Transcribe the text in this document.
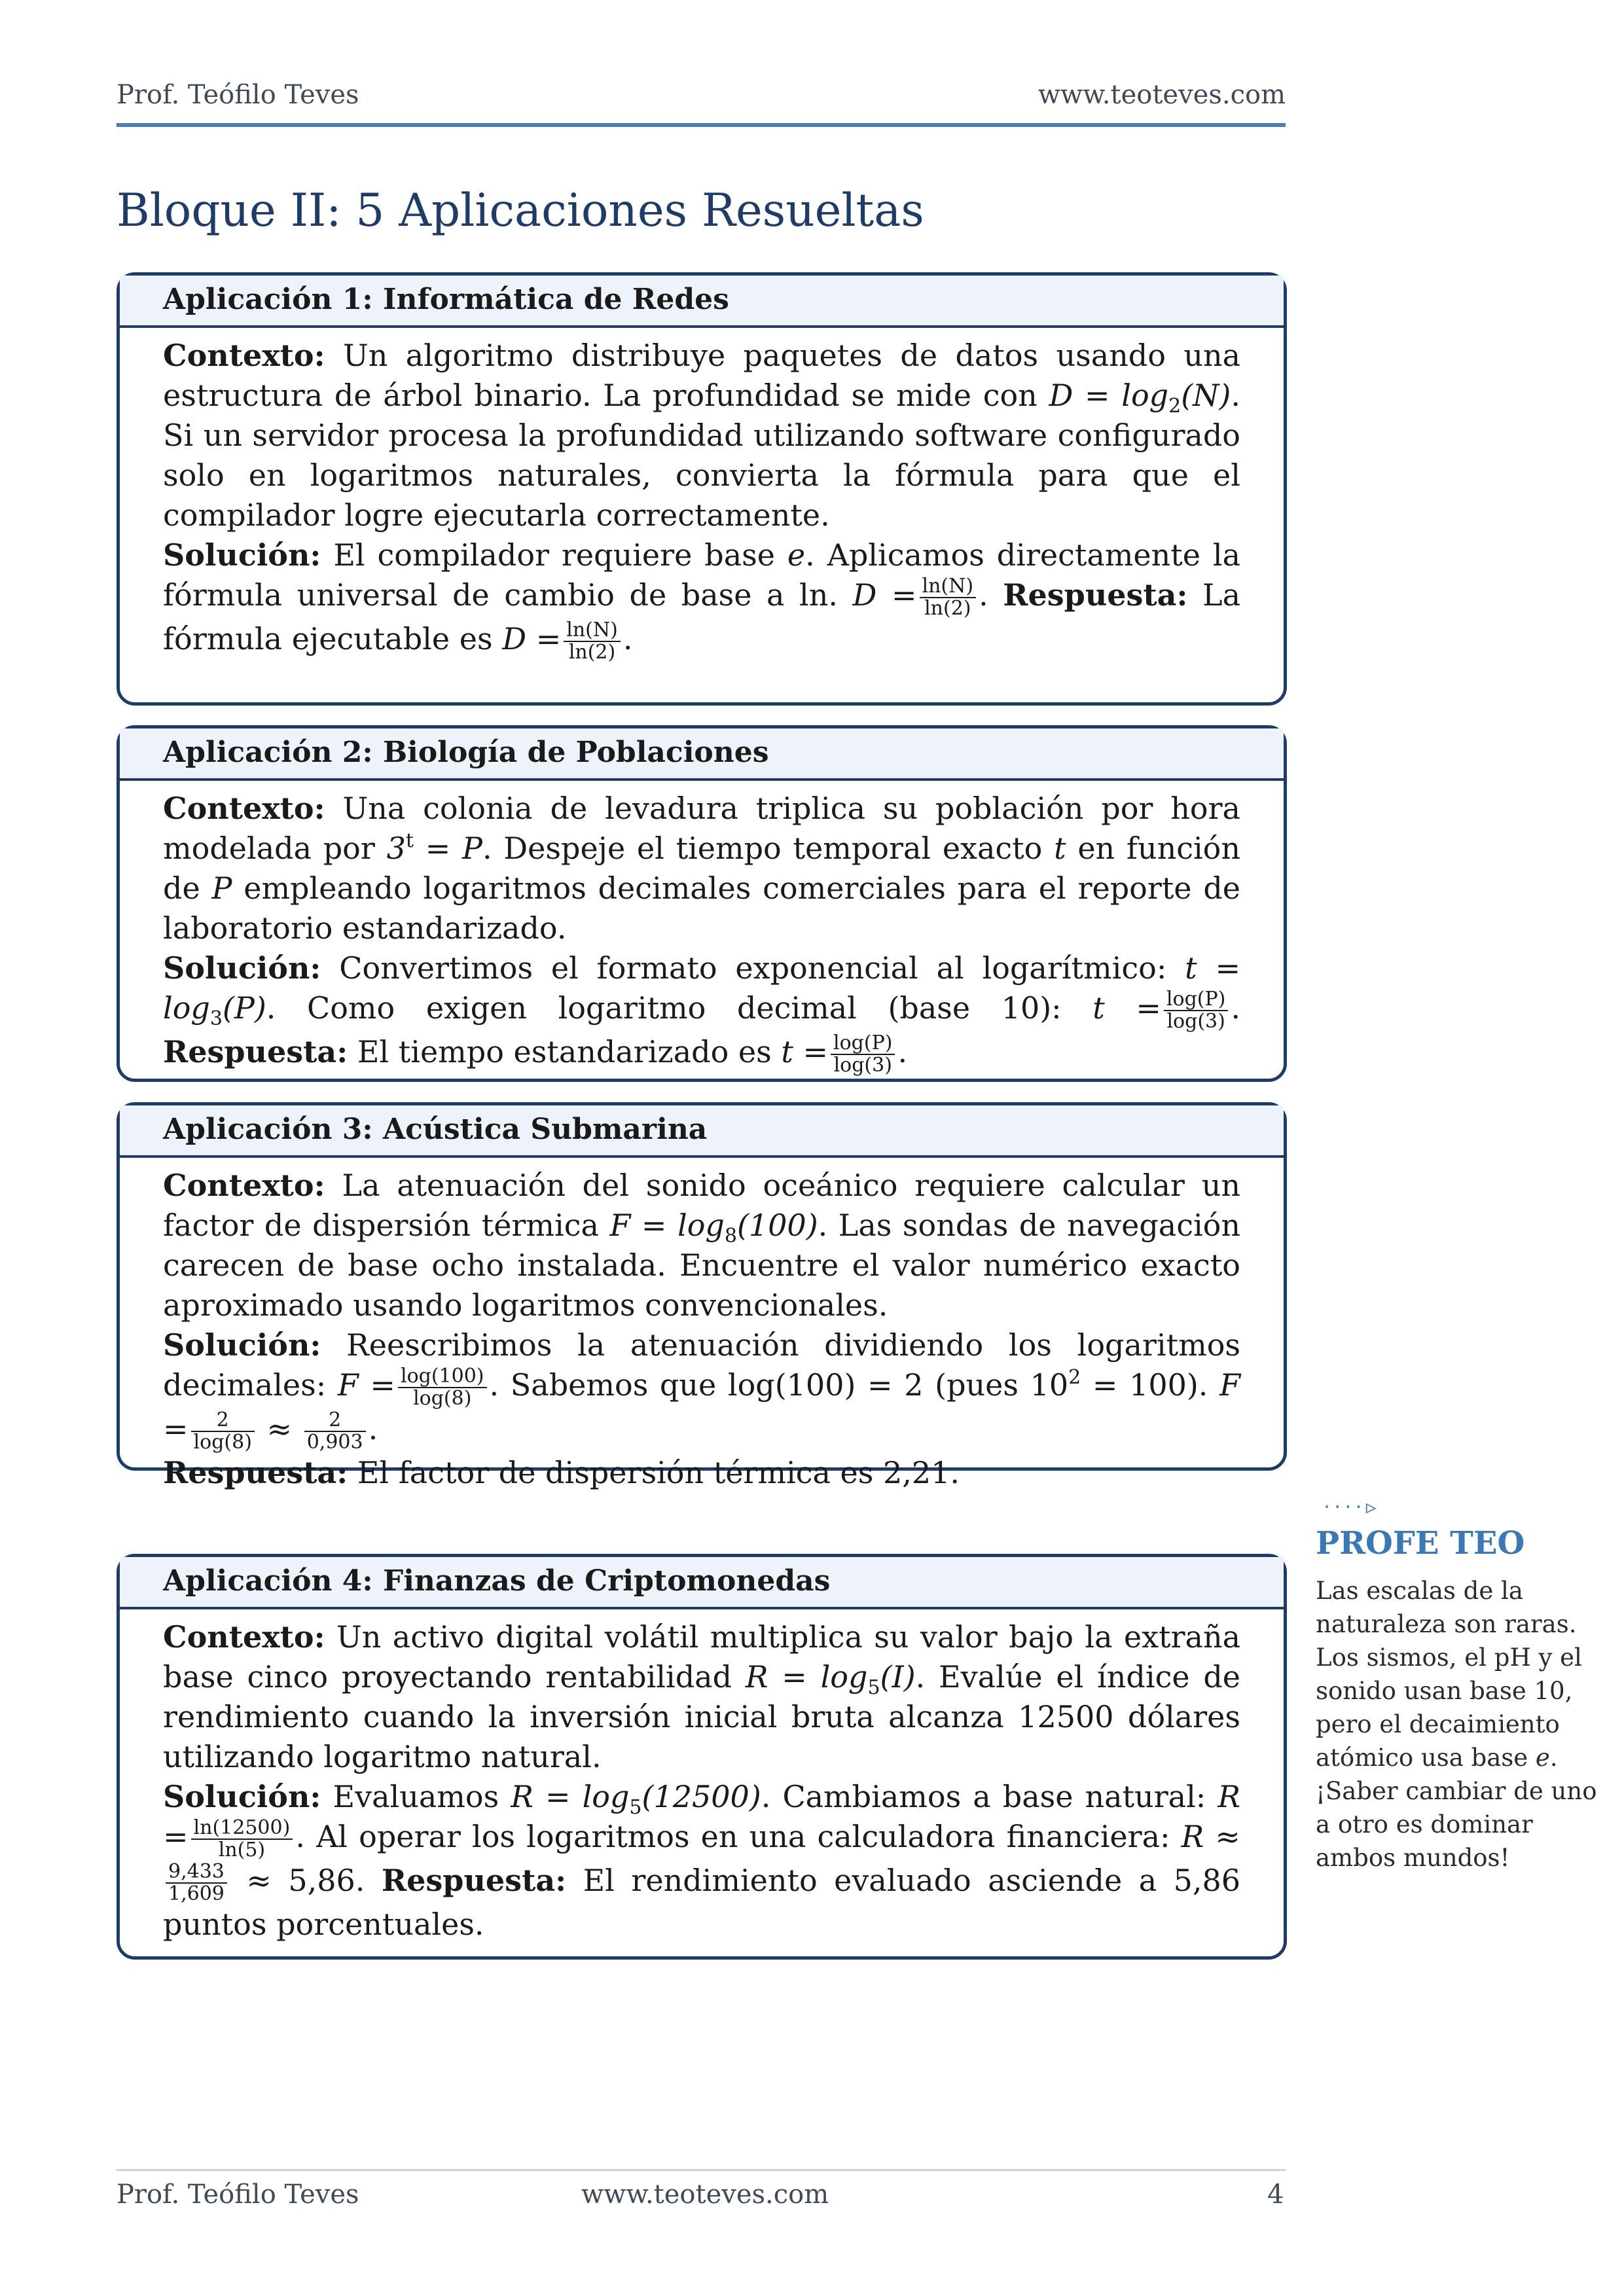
Prof. Teófilo Teves	www.teoteves.com
Bloque II: 5 Aplicaciones Resueltas
Aplicación 1: Informática de Redes

Contexto: Un algoritmo distribuye paquetes de datos usando una estructura de árbol binario. La profundidad se mide con $D = \log_2(N)$. Si un servidor procesa la profundidad utilizando software configurado solo en logaritmos naturales, convierta la fórmula para que el compilador logre ejecutarla correctamente.
Solución: El compilador requiere base e. Aplicamos directamente la fórmula universal de cambio de base a ln. $D = \frac{\ln(N)}{\ln(2)}$ . Respuesta: La fórmula ejecutable es $D = \frac{\ln(N)}{\ln(2)}$ .

Aplicación 2: Biología de Poblaciones

Contexto: Una colonia de levadura triplica su población por hora modelada por $3^t = P$. Despeje el tiempo temporal exacto t en función de P empleando logaritmos decimales comerciales para el reporte de laboratorio estandarizado.
Solución: Convertimos el formato exponencial al logarítmico: $t = \log_3(P)$. Como exigen logaritmo decimal (base 10): $t = \frac{\log(P)}{\log(3)}$ . Respuesta: El tiempo estandarizado es $t = \frac{\log(P)}{\log(3)}$ .

Aplicación 3: Acústica Submarina

Contexto: La atenuación del sonido oceánico requiere calcular un factor de dispersión térmica $F = \log_8(100)$. Las sondas de navegación carecen de base ocho instalada. Encuentre el valor numérico exacto aproximado usando logaritmos convencionales.
Solución: Reescribimos la atenuación dividiendo los logaritmos decimales: $F = \frac{\log(100)}{\log(8)}$ . Sabemos que log(100) = 2 (pues $10^2 = 100$). $F = \frac{2}{\log(8)} \approx \frac{2}{0,903}$ .
Respuesta: El factor de dispersión térmica es 2,21.

····▹
PROFE TEO
Las escalas de la naturaleza son raras. Los sismos, el pH y el sonido usan base 10, pero el decaimiento atómico usa base e. ¡Saber cambiar de uno a otro es dominar ambos mundos!
Aplicación 4: Finanzas de Criptomonedas

Contexto: Un activo digital volátil multiplica su valor bajo la extraña base cinco proyectando rentabilidad $R = \log_5(I)$. Evalúe el índice de rendimiento cuando la inversión inicial bruta alcanza 12500 dólares utilizando logaritmo natural.
Solución: Evaluamos $R = \log_5(12500)$. Cambiamos a base natural: $R = \frac{\ln(12500)}{\ln(5)}$ . Al operar los logaritmos en una calculadora financiera: R ≈
$\frac{9,433}{1,609} \approx 5,86$. Respuesta: El rendimiento evaluado asciende a 5,86 puntos porcentuales.

Prof. Teófilo Teves	www.teoteves.com	4
